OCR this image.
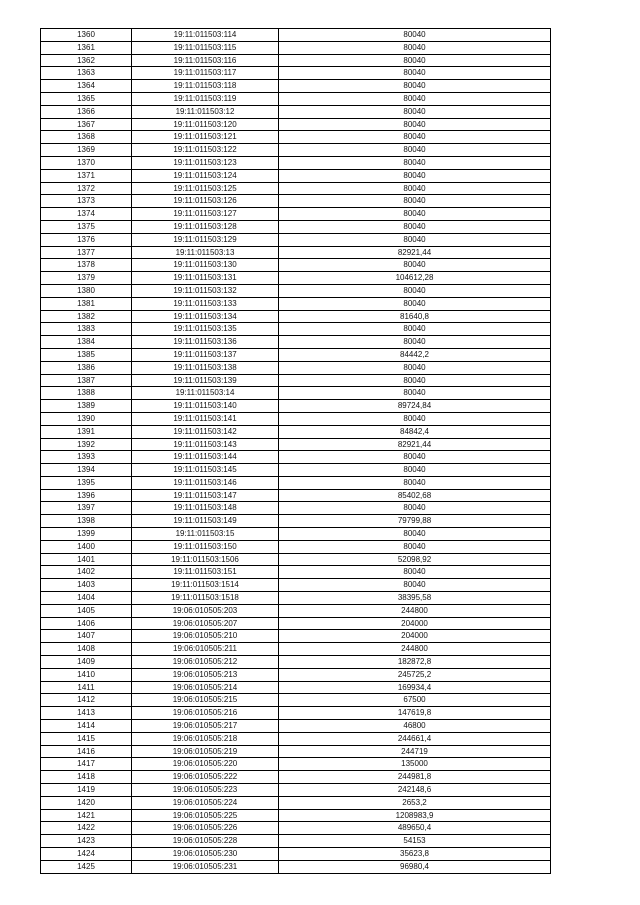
1360	19:11:011503:114	80040
1361	19:11:011503:115	80040
1362	19:11:011503:116	80040
1363	19:11:011503:117	80040
1364	19:11:011503:118	80040
1365	19:11:011503:119	80040
1366	19:11:011503:12	80040
1367	19:11:011503:120	80040
1368	19:11:011503:121	80040
1369	19:11:011503:122	80040
1370	19:11:011503:123	80040
1371	19:11:011503:124	80040
1372	19:11:011503:125	80040
1373	19:11:011503:126	80040
1374	19:11:011503:127	80040
1375	19:11:011503:128	80040
1376	19:11:011503:129	80040
1377	19:11:011503:13	82921,44
1378	19:11:011503:130	80040
1379	19:11:011503:131	104612,28
1380	19:11:011503:132	80040
1381	19:11:011503:133	80040
1382	19:11:011503:134	81640,8
1383	19:11:011503:135	80040
1384	19:11:011503:136	80040
1385	19:11:011503:137	84442,2
1386	19:11:011503:138	80040
1387	19:11:011503:139	80040
1388	19:11:011503:14	80040
1389	19:11:011503:140	89724,84
1390	19:11:011503:141	80040
1391	19:11:011503:142	84842,4
1392	19:11:011503:143	82921,44
1393	19:11:011503:144	80040
1394	19:11:011503:145	80040
1395	19:11:011503:146	80040
1396	19:11:011503:147	85402,68
1397	19:11:011503:148	80040
1398	19:11:011503:149	79799,88
1399	19:11:011503:15	80040
1400	19:11:011503:150	80040
1401	19:11:011503:1506	52098,92
1402	19:11:011503:151	80040
1403	19:11:011503:1514	80040
1404	19:11:011503:1518	38395,58
1405	19:06:010505:203	244800
1406	19:06:010505:207	204000
1407	19:06:010505:210	204000
1408	19:06:010505:211	244800
1409	19:06:010505:212	182872,8
1410	19:06:010505:213	245725,2
1411	19:06:010505:214	169934,4
1412	19:06:010505:215	67500
1413	19:06:010505:216	147619,8
1414	19:06:010505:217	46800
1415	19:06:010505:218	244661,4
1416	19:06:010505:219	244719
1417	19:06:010505:220	135000
1418	19:06:010505:222	244981,8
1419	19:06:010505:223	242148,6
1420	19:06:010505:224	2653,2
1421	19:06:010505:225	1208983,9
1422	19:06:010505:226	489650,4
1423	19:06:010505:228	54153
1424	19:06:010505:230	35623,8
1425	19:06:010505:231	96980,4
